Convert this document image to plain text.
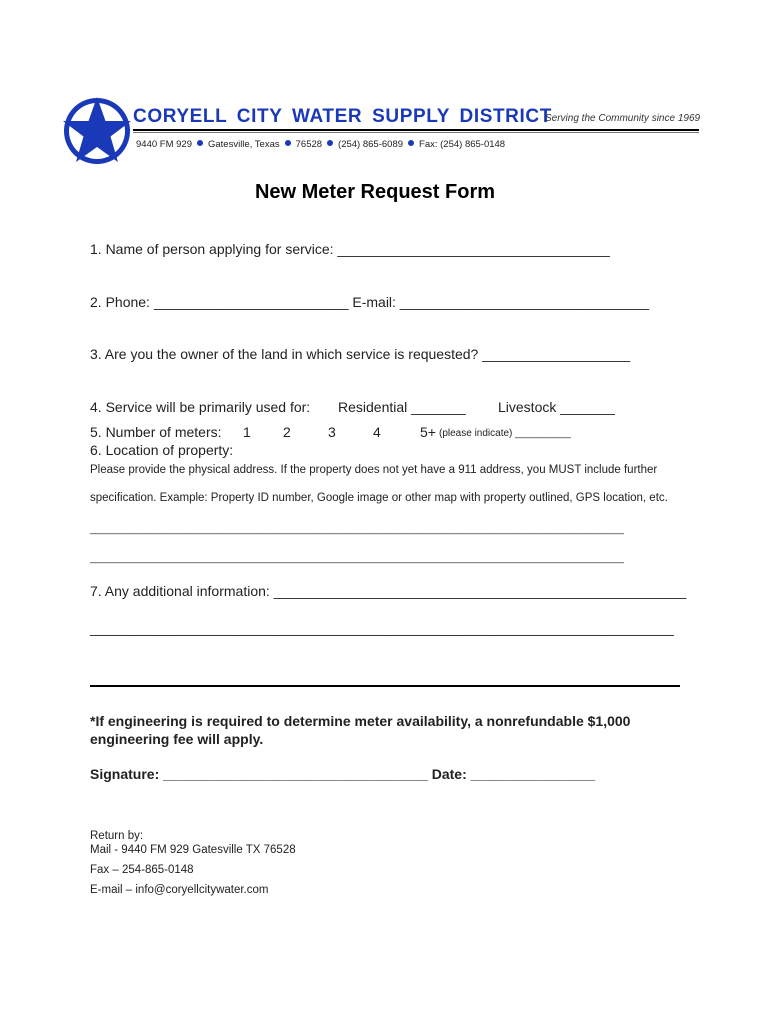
CORYELL CITY WATER SUPPLY DISTRICT
Serving the Community since 1969
9440 FM 929 Gatesville, Texas 76528 (254) 865-6089 Fax: (254) 865-0148
New Meter Request Form
1. Name of person applying for service: ___________________________________
2. Phone: _________________________ E-mail: ________________________________
3. Are you the owner of the land in which service is requested? ___________________
4. Service will be primarily used for: Residential _______ Livestock _______
5. Number of meters: 1 2	3	4	5+ (please indicate) __________
6. Location of property:
Please provide the physical address. If the property does not yet have a 911 address, you MUST include further
specification. Example: Property ID number, Google image or other map with property outlined, GPS location, etc.
________________________________________________________________________________________________
________________________________________________________________________________________________
7. Any additional information: _____________________________________________________
___________________________________________________________________________
*If engineering is required to determine meter availability, a nonrefundable $1,000
engineering fee will apply.
Signature: __________________________________ Date: ________________
Return by:
Mail - 9440 FM 929 Gatesville TX 76528
Fax – 254-865-0148
E-mail – info@coryellcitywater.com
